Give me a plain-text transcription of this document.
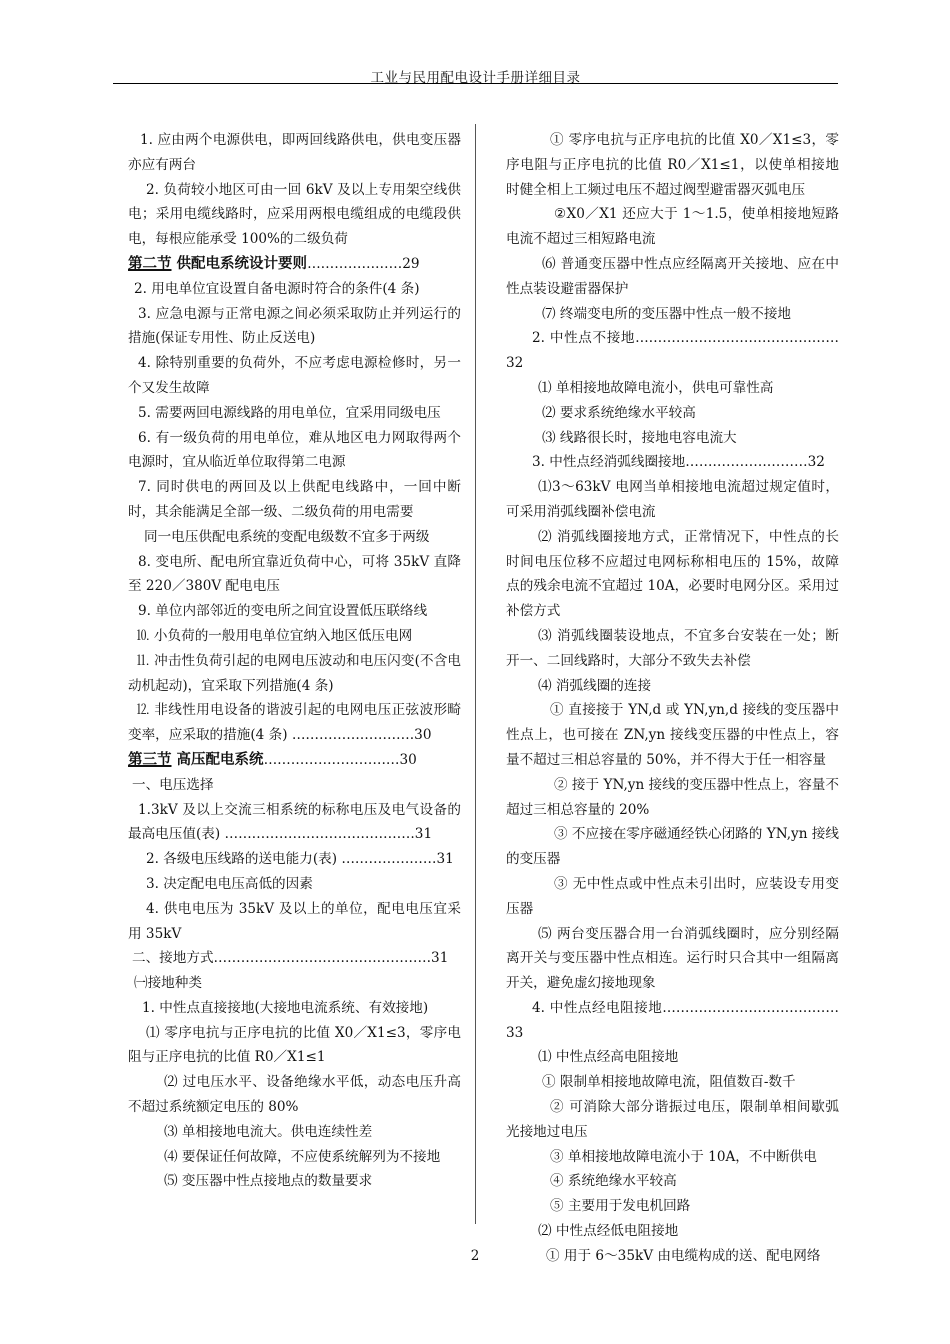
工业与民用配电设计手册详细目录

1. 应由两个电源供电，即两回线路供电，供电变压器亦应有两台

2. 负荷较小地区可由一回 6kV 及以上专用架空线供电；采用电缆线路时，应采用两根电缆组成的电缆段供电，每根应能承受 100%的二级负荷

第二节 供配电系统设计要则…………………29

2. 用电单位宜设置自备电源时符合的条件(4 条)

3. 应急电源与正常电源之间必须采取防止并列运行的措施(保证专用性、防止反送电)

4. 除特别重要的负荷外，不应考虑电源检修时，另一个又发生故障

5. 需要两回电源线路的用电单位，宜采用同级电压

6. 有一级负荷的用电单位，难从地区电力网取得两个电源时，宜从临近单位取得第二电源

7. 同时供电的两回及以上供配电线路中，一回中断时，其余能满足全部一级、二级负荷的用电需要

同一电压供配电系统的变配电级数不宜多于两级

8. 变电所、配电所宜靠近负荷中心，可将 35kV 直降至 220／380V 配电电压

9. 单位内部邻近的变电所之间宜设置低压联络线

⒑ 小负荷的一般用电单位宜纳入地区低压电网

⒒ 冲击性负荷引起的电网电压波动和电压闪变(不含电动机起动)，宜采取下列措施(4 条)

⒓ 非线性用电设备的谐波引起的电网电压正弦波形畸变率，应采取的措施(4 条) ………………………30

第三节 高压配电系统…………………………30

一、电压选择

1.3kV 及以上交流三相系统的标称电压及电气设备的最高电压值(表) ……………………………………31

2. 各级电压线路的送电能力(表) …………………31

3. 决定配电电压高低的因素

4. 供电电压为 35kV 及以上的单位，配电电压宜采用 35kV

二、接地方式…………………………………………31

㈠接地种类

1. 中性点直接接地(大接地电流系统、有效接地)

⑴ 零序电抗与正序电抗的比值 X0／X1≤3，零序电阻与正序电抗的比值 R0／X1≤1

⑵ 过电压水平、设备绝缘水平低，动态电压升高不超过系统额定电压的 80%

⑶ 单相接地电流大。供电连续性差

⑷ 要保证任何故障，不应使系统解列为不接地

⑸ 变压器中性点接地点的数量要求

① 零序电抗与正序电抗的比值 X0／X1≤3，零序电阻与正序电抗的比值 R0／X1≤1，以使单相接地时健全相上工频过电压不超过阀型避雷器灭弧电压

②X0／X1 还应大于 1～1.5，使单相接地短路电流不超过三相短路电流

⑹ 普通变压器中性点应经隔离开关接地、应在中性点装设避雷器保护

⑺ 终端变电所的变压器中性点一般不接地

2. 中性点不接地………………………………………32

⑴ 单相接地故障电流小，供电可靠性高

⑵ 要求系统绝缘水平较高

⑶ 线路很长时，接地电容电流大

3. 中性点经消弧线圈接地………………………32

⑴3～63kV 电网当单相接地电流超过规定值时，可采用消弧线圈补偿电流

⑵ 消弧线圈接地方式，正常情况下，中性点的长时间电压位移不应超过电网标称相电压的 15%，故障点的残余电流不宜超过 10A，必要时电网分区。采用过补偿方式

⑶ 消弧线圈装设地点，不宜多台安装在一处；断开一、二回线路时，大部分不致失去补偿

⑷ 消弧线圈的连接

① 直接接于 YN,d 或 YN,yn,d 接线的变压器中性点上，也可接在 ZN,yn 接线变压器的中性点上，容量不超过三相总容量的 50%，并不得大于任一相容量

② 接于 YN,yn 接线的变压器中性点上，容量不超过三相总容量的 20%

③ 不应接在零序磁通经铁心闭路的 YN,yn 接线的变压器

③ 无中性点或中性点未引出时，应装设专用变压器

⑸ 两台变压器合用一台消弧线圈时，应分别经隔离开关与变压器中性点相连。运行时只合其中一组隔离开关，避免虚幻接地现象

4. 中性点经电阻接地…………………………………33

⑴ 中性点经高电阻接地

① 限制单相接地故障电流，阻值数百-数千

② 可消除大部分谐振过电压，限制单相间歇弧光接地过电压

③ 单相接地故障电流小于 10A，不中断供电

④ 系统绝缘水平较高

⑤ 主要用于发电机回路

⑵ 中性点经低电阻接地

① 用于 6～35kV 由电缆构成的送、配电网络

2
